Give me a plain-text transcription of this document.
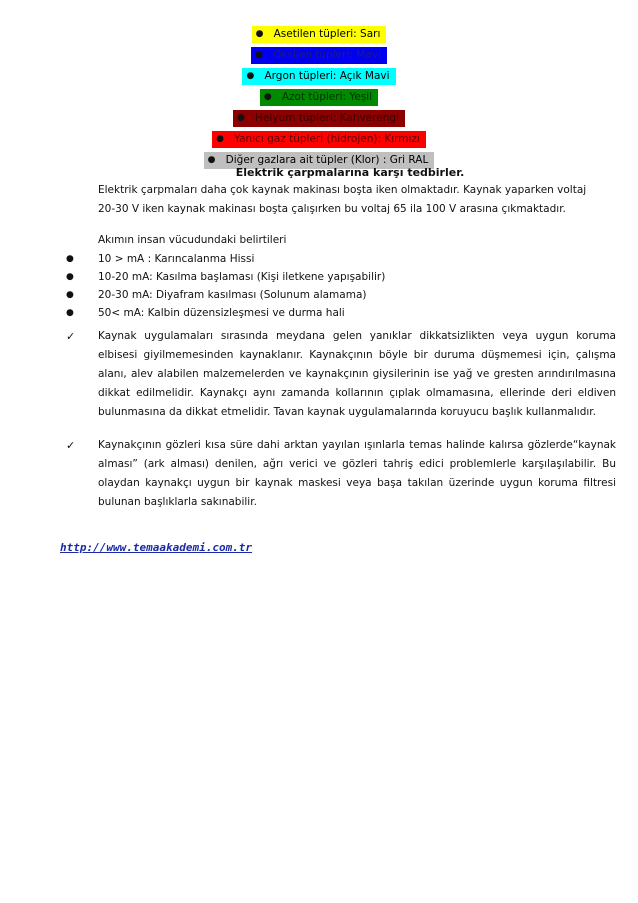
● Asetilen tüpleri: Sarı
● Oksijen tüpleri: Mavi
● Argon tüpleri: Açık Mavi
● Azot tüpleri: Yeşil
● Helyum tüpleri: Kahverengi
● Yanıcı gaz tüpleri (hidrojen): Kırmızı
● Diğer gazlara ait tüpler (Klor) : Gri RAL
Elektrik çarpmalarına karşı tedbirler.
Elektrik çarpmaları daha çok kaynak makinası boşta iken olmaktadır. Kaynak yaparken voltaj
20-30 V iken kaynak makinası boşta çalışırken bu voltaj 65 ila 100 V arasına çıkmaktadır.
Akımın insan vücudundaki belirtileri
● 10 > mA : Karıncalanma Hissi
● 10-20 mA: Kasılma başlaması (Kişi iletkene yapışabilir)
● 20-30 mA: Diyafram kasılması (Solunum alamama)
● 50< mA: Kalbin düzensizleşmesi ve durma hali
✓ Kaynak uygulamaları sırasında meydana gelen yanıklar dikkatsizlikten veya uygun koruma elbisesi giyilmemesinden kaynaklanır. Kaynakçının böyle bir duruma düşmemesi için, çalışma alanı, alev alabilen malzemelerden ve kaynakçının giysilerinin ise yağ ve gresten arındırılmasına dikkat edilmelidir. Kaynakçı aynı zamanda kollarının çıplak olmamasına, ellerinde deri eldiven bulunmasına da dikkat etmelidir. Tavan kaynak uygulamalarında koruyucu başlık kullanmalıdır.
✓ Kaynakçının gözleri kısa süre dahi arktan yayılan ışınlarla temas halinde kalırsa gözlerde“kaynak alması” (ark alması) denilen, ağrı verici ve gözleri tahriş edici problemlerle karşılaşılabilir. Bu olaydan kaynakçı uygun bir kaynak maskesi veya başa takılan üzerinde uygun koruma filtresi bulunan başlıklarla sakınabilir.
http://www.temaakademi.com.tr
